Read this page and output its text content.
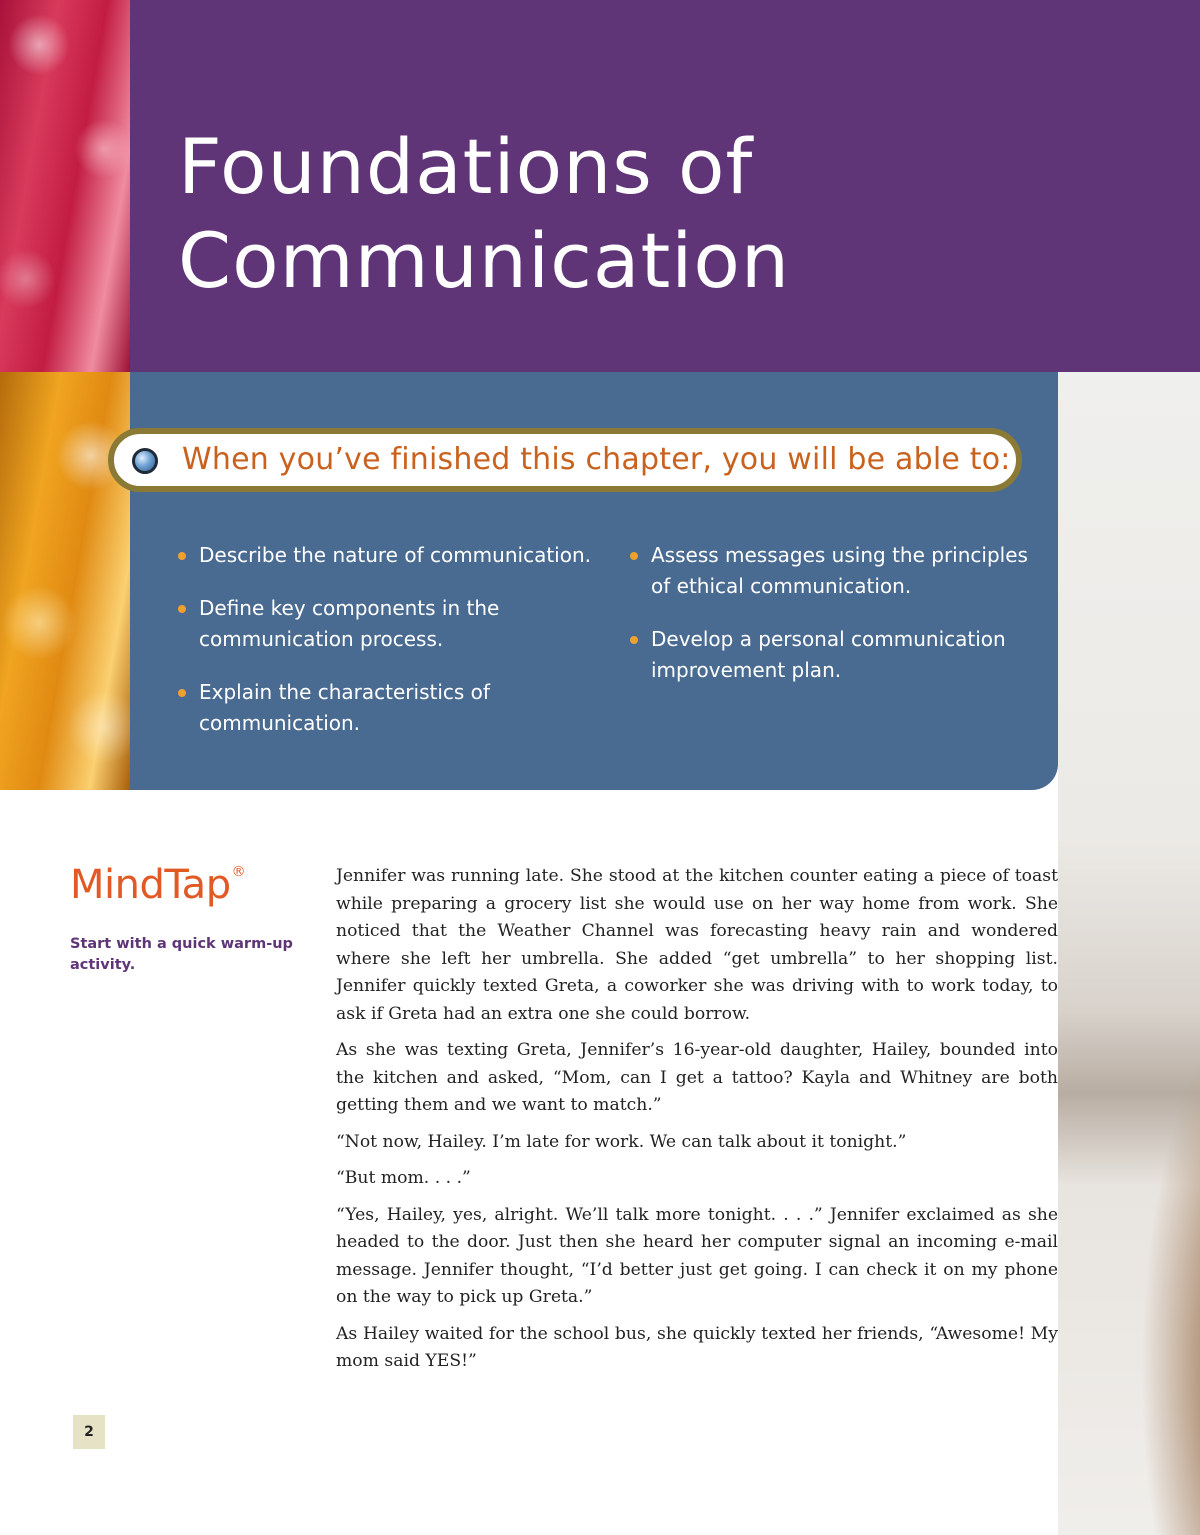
Foundations of
Communication
When you’ve finished this chapter, you will be able to:
Describe the nature of communication.
Define key components in the communication process.
Explain the characteristics of communication.
Assess messages using the principles of ethical communication.
Develop a personal communication improvement plan.
MindTap®
Start with a quick warm-up activity.

Jennifer was running late. She stood at the kitchen counter eating a piece of toast while preparing a grocery list she would use on her way home from work. She noticed that the Weather Channel was forecasting heavy rain and wondered where she left her umbrella. She added “get umbrella” to her shopping list. Jennifer quickly texted Greta, a coworker she was driving with to work today, to ask if Greta had an extra one she could borrow.

As she was texting Greta, Jennifer’s 16-year-old daughter, Hailey, bounded into the kitchen and asked, “Mom, can I get a tattoo? Kayla and Whitney are both getting them and we want to match.”

“Not now, Hailey. I’m late for work. We can talk about it tonight.”

“But mom. . . .”

“Yes, Hailey, yes, alright. We’ll talk more tonight. . . .” Jennifer exclaimed as she headed to the door. Just then she heard her computer signal an incoming e-mail message. Jennifer thought, “I’d better just get going. I can check it on my phone on the way to pick up Greta.”

As Hailey waited for the school bus, she quickly texted her friends, “Awesome! My mom said YES!”

2
